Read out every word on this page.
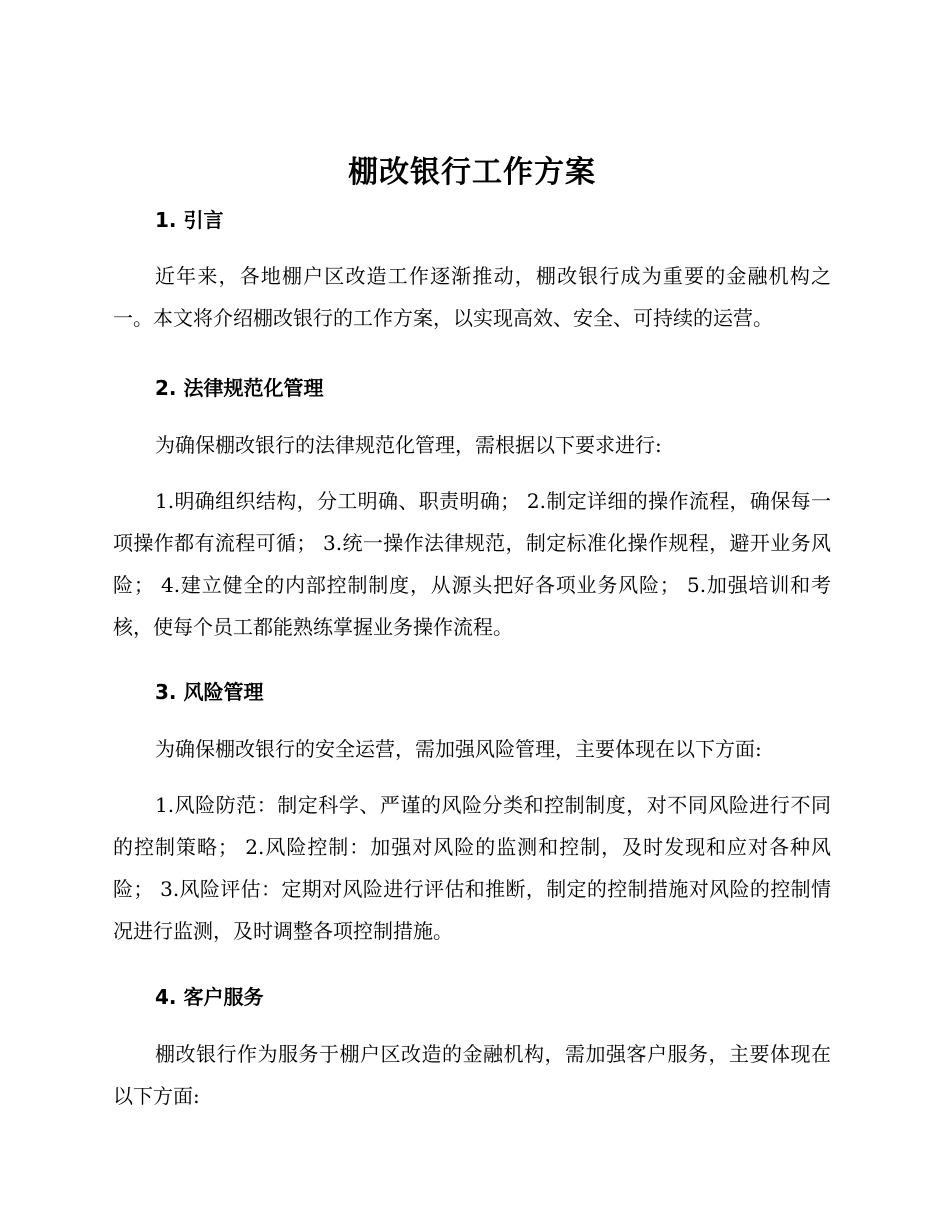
棚改银行工作方案
1. 引言

近年来，各地棚户区改造工作逐渐推动，棚改银行成为重要的金融机构之一。本文将介绍棚改银行的工作方案，以实现高效、安全、可持续的运营。

2. 法律规范化管理

为确保棚改银行的法律规范化管理，需根据以下要求进行:

1.明确组织结构，分工明确、职责明确； 2.制定详细的操作流程，确保每一项操作都有流程可循； 3.统一操作法律规范，制定标准化操作规程，避开业务风险； 4.建立健全的内部控制制度，从源头把好各项业务风险； 5.加强培训和考核，使每个员工都能熟练掌握业务操作流程。

3. 风险管理

为确保棚改银行的安全运营，需加强风险管理，主要体现在以下方面:

1.风险防范：制定科学、严谨的风险分类和控制制度，对不同风险进行不同的控制策略； 2.风险控制：加强对风险的监测和控制，及时发现和应对各种风险； 3.风险评估：定期对风险进行评估和推断，制定的控制措施对风险的控制情况进行监测，及时调整各项控制措施。

4. 客户服务

棚改银行作为服务于棚户区改造的金融机构，需加强客户服务，主要体现在以下方面:
